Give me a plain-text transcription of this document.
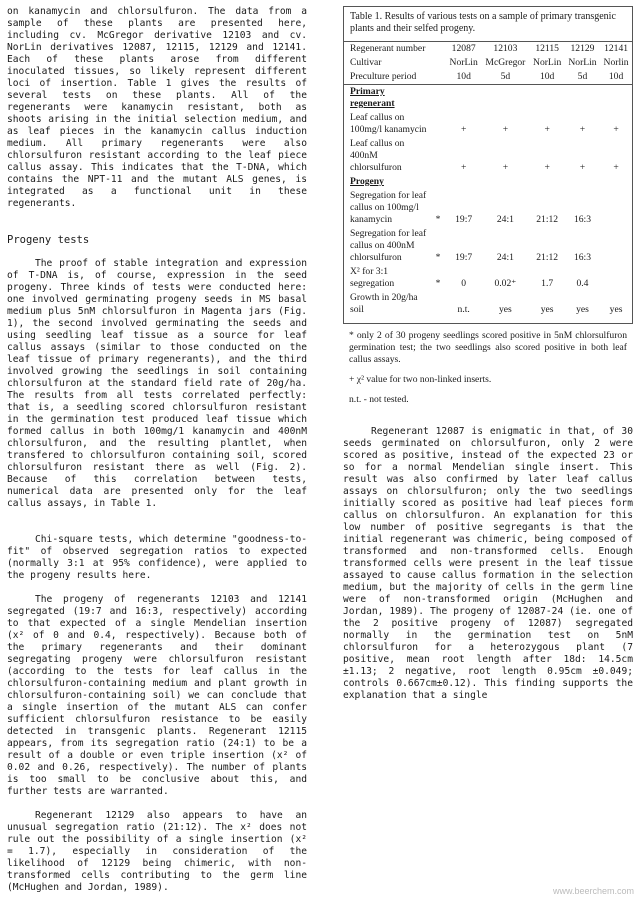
on kanamycin and chlorsulfuron. The data from a sample of these plants are presented here, including cv. McGregor derivative 12103 and cv. NorLin derivatives 12087, 12115, 12129 and 12141. Each of these plants arose from different inoculated tissues, so likely represent different loci of insertion. Table 1 gives the results of several tests on these plants. All of the regenerants were kanamycin resistant, both as shoots arising in the initial selection medium, and as leaf pieces in the kanamycin callus induction medium. All primary regenerants were also chlorsulfuron resistant according to the leaf piece callus assay. This indicates that the T-DNA, which contains the NPT-11 and the mutant ALS genes, is integrated as a functional unit in these regenerants.

Progeny tests

The proof of stable integration and expression of T-DNA is, of course, expression in the seed progeny. Three kinds of tests were conducted here: one involved germinating progeny seeds in MS basal medium plus 5nM chlorsulfuron in Magenta jars (Fig. 1), the second involved germinating the seeds and using seedling leaf tissue as a source for leaf callus assays (similar to those conducted on the leaf tissue of primary regenerants), and the third involved growing the seedlings in soil containing chlorsulfuron at the standard field rate of 20g/ha. The results from all tests correlated perfectly: that is, a seedling scored chlorsulfuron resistant in the germination test produced leaf tissue which formed callus in both 100mg/1 kanamycin and 400nM chlorsulfuron, and the resulting plantlet, when transfered to chlorsulfuron containing soil, scored chlorsulfuron resistant there as well (Fig. 2). Because of this correlation between tests, numerical data are presented only for the leaf callus assays, in Table 1.

Chi-square tests, which determine "goodness-to-fit" of observed segregation ratios to expected (normally 3:1 at 95% confidence), were applied to the progeny results here.

The progeny of regenerants 12103 and 12141 segregated (19:7 and 16:3, respectively) according to that expected of a single Mendelian insertion (x² of 0 and 0.4, respectively). Because both of the primary regenerants and their dominant segregating progeny were chlorsulfuron resistant (according to the tests for leaf callus in the chlorsulfuron-containing medium and plant growth in chlorsulfuron-containing soil) we can conclude that a single insertion of the mutant ALS can confer sufficient chlorsulfuron resistance to be easily detected in transgenic plants. Regenerant 12115 appears, from its segregation ratio (24:1) to be a result of a double or even triple insertion (x² of 0.02 and 0.26, respectively). The number of plants is too small to be conclusive about this, and further tests are warranted.

Regenerant 12129 also appears to have an unusual segregation ratio (21:12). The x² does not rule out the possibility of a single insertion (x² = 1.7), especially in consideration of the likelihood of 12129 being chimeric, with non-transformed cells contributing to the germ line (McHughen and Jordan, 1989).

Table 1. Results of various tests on a sample of primary transgenic plants and their selfed progeny.
Regenerant number		12087	12103	12115	12129	12141
Cultivar		NorLin	McGregor	NorLin	NorLin	Norlin
Preculture period		10d	5d	10d	5d	10d

Primary regenerant						
Leaf callus on 100mg/l kanamycin		+	+	+	+	+
Leaf callus on 400nM chlorsulfuron		+	+	+	+	+
Progeny						
Segregation for leaf callus on 100mg/l kanamycin	*	19:7	24:1	21:12	16:3	
Segregation for leaf callus on 400nM chlorsulfuron	*	19:7	24:1	21:12	16:3	
X² for 3:1 segregation	*	0	0.02⁺	1.7	0.4	
Growth in 20g/ha soil		n.t.	yes	yes	yes	yes

* only 2 of 30 progeny seedlings scored positive in 5nM chlorsulfuron germination test; the two seedlings also scored positive in both leaf callus assays.

+ χ² value for two non-linked inserts.

n.t. - not tested.

Regenerant 12087 is enigmatic in that, of 30 seeds germinated on chlorsulfuron, only 2 were scored as positive, instead of the expected 23 or so for a normal Mendelian single insert. This result was also confirmed by later leaf callus assays on chlorsulfuron; only the two seedlings initially scored as positive had leaf pieces form callus on chlorsulfuron. An explanation for this low number of positive segregants is that the initial regenerant was chimeric, being composed of transformed and non-transformed cells. Enough transformed cells were present in the leaf tissue assayed to cause callus formation in the selection medium, but the majority of cells in the germ line were of non-transformed origin (McHughen and Jordan, 1989). The progeny of 12087-24 (ie. one of the 2 positive progeny of 12087) segregated normally in the germination test on 5nM chlorsulfuron for a heterozygous plant (7 positive, mean root length after 18d: 14.5cm ±1.13; 2 negative, root length 0.95cm ±0.049; controls 0.667cm±0.12). This finding supports the explanation that a single

www.beerchem.com
